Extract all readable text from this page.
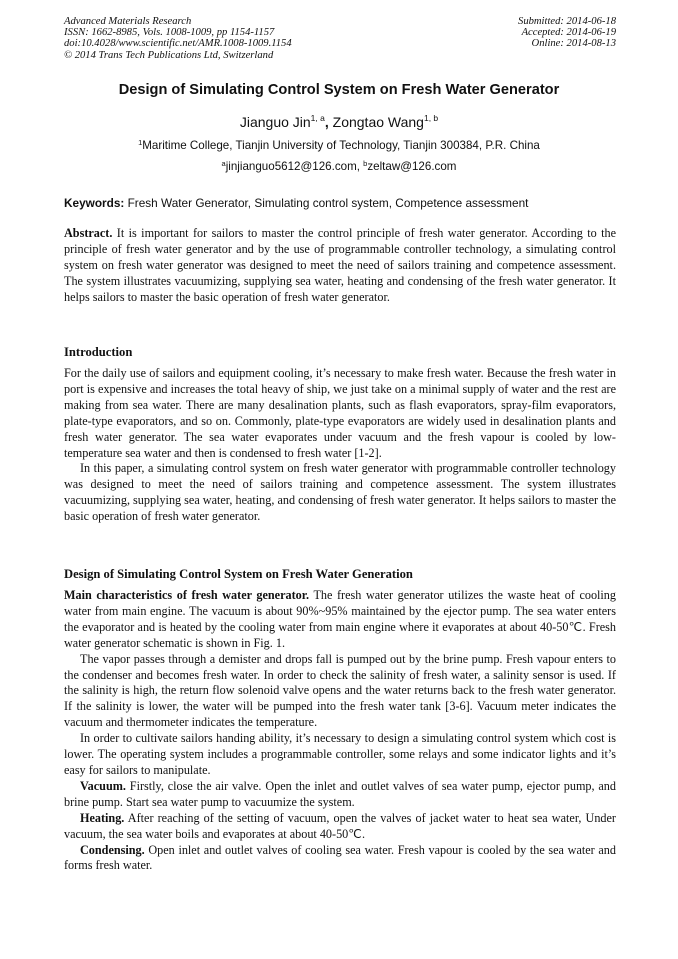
Advanced Materials Research
ISSN: 1662-8985, Vols. 1008-1009, pp 1154-1157
doi:10.4028/www.scientific.net/AMR.1008-1009.1154
© 2014 Trans Tech Publications Ltd, Switzerland
Submitted: 2014-06-18
Accepted: 2014-06-19
Online: 2014-08-13
Design of Simulating Control System on Fresh Water Generator
Jianguo Jin$^{1, a}$, Zongtao Wang$^{1, b}$
$^1$Maritime College, Tianjin University of Technology, Tianjin 300384, P.R. China
$^a$jinjianguo5612@126.com, $^b$zeltaw@126.com
Keywords: Fresh Water Generator, Simulating control system, Competence assessment

Abstract. It is important for sailors to master the control principle of fresh water generator. According to the principle of fresh water generator and by the use of programmable controller technology, a simulating control system on fresh water generator was designed to meet the need of sailors training and competence assessment. The system illustrates vacuumizing, supplying sea water, heating and condensing of the fresh water generator. It helps sailors to master the basic operation of fresh water generator.

Introduction

For the daily use of sailors and equipment cooling, it’s necessary to make fresh water. Because the fresh water in port is expensive and increases the total heavy of ship, we just take on a minimal supply of water and the rest are making from sea water. There are many desalination plants, such as flash evaporators, spray-film evaporators, plate-type evaporators, and so on. Commonly, plate-type evaporators are widely used in desalination plants and fresh water generator. The sea water evaporates under vacuum and the fresh vapour is cooled by low-temperature sea water and then is condensed to fresh water [1-2].

In this paper, a simulating control system on fresh water generator with programmable controller technology was designed to meet the need of sailors training and competence assessment. The system illustrates vacuumizing, supplying sea water, heating, and condensing of fresh water generator. It helps sailors to master the basic operation of fresh water generator.

Design of Simulating Control System on Fresh Water Generation

Main characteristics of fresh water generator. The fresh water generator utilizes the waste heat of cooling water from main engine. The vacuum is about 90%~95% maintained by the ejector pump. The sea water enters the evaporator and is heated by the cooling water from main engine where it evaporates at about 40-50℃. Fresh water generator schematic is shown in Fig. 1.

The vapor passes through a demister and drops fall is pumped out by the brine pump. Fresh vapour enters to the condenser and becomes fresh water. In order to check the salinity of fresh water, a salinity sensor is used. If the salinity is high, the return flow solenoid valve opens and the water returns back to the fresh water generator. If the salinity is lower, the water will be pumped into the fresh water tank [3-6]. Vacuum meter indicates the vacuum and thermometer indicates the temperature.

In order to cultivate sailors handing ability, it’s necessary to design a simulating control system which cost is lower. The operating system includes a programmable controller, some relays and some indicator lights and it’s easy for sailors to manipulate.

Vacuum. Firstly, close the air valve. Open the inlet and outlet valves of sea water pump, ejector pump, and brine pump. Start sea water pump to vacuumize the system.

Heating. After reaching of the setting of vacuum, open the valves of jacket water to heat sea water, Under vacuum, the sea water boils and evaporates at about 40-50℃.

Condensing. Open inlet and outlet valves of cooling sea water. Fresh vapour is cooled by the sea water and forms fresh water.
